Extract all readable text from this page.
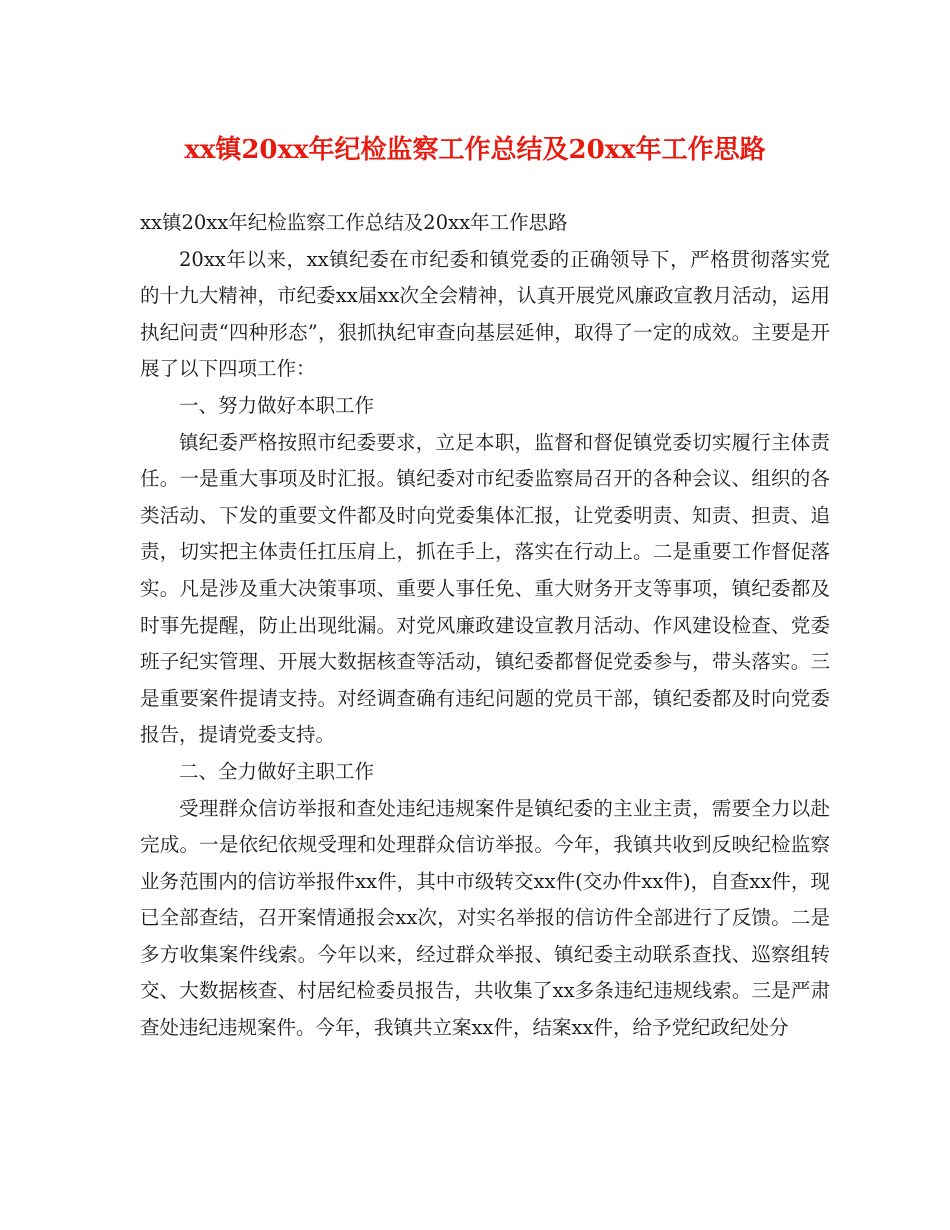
xx镇20xx年纪检监察工作总结及20xx年工作思路

xx镇20xx年纪检监察工作总结及20xx年工作思路

20xx年以来，xx镇纪委在市纪委和镇党委的正确领导下，严格贯彻落实党的十九大精神，市纪委xx届xx次全会精神，认真开展党风廉政宣教月活动，运用执纪问责“四种形态”，狠抓执纪审查向基层延伸，取得了一定的成效。主要是开展了以下四项工作：

一、努力做好本职工作

镇纪委严格按照市纪委要求，立足本职，监督和督促镇党委切实履行主体责任。一是重大事项及时汇报。镇纪委对市纪委监察局召开的各种会议、组织的各类活动、下发的重要文件都及时向党委集体汇报，让党委明责、知责、担责、追责，切实把主体责任扛压肩上，抓在手上，落实在行动上。二是重要工作督促落实。凡是涉及重大决策事项、重要人事任免、重大财务开支等事项，镇纪委都及时事先提醒，防止出现纰漏。对党风廉政建设宣教月活动、作风建设检查、党委班子纪实管理、开展大数据核查等活动，镇纪委都督促党委参与，带头落实。三是重要案件提请支持。对经调查确有违纪问题的党员干部，镇纪委都及时向党委报告，提请党委支持。

二、全力做好主职工作

受理群众信访举报和查处违纪违规案件是镇纪委的主业主责，需要全力以赴完成。一是依纪依规受理和处理群众信访举报。今年，我镇共收到反映纪检监察业务范围内的信访举报件xx件，其中市级转交xx件(交办件xx件)，自查xx件，现已全部查结，召开案情通报会xx次，对实名举报的信访件全部进行了反馈。二是多方收集案件线索。今年以来，经过群众举报、镇纪委主动联系查找、巡察组转交、大数据核查、村居纪检委员报告，共收集了xx多条违纪违规线索。三是严肃查处违纪违规案件。今年，我镇共立案xx件，结案xx件，给予党纪政纪处分
